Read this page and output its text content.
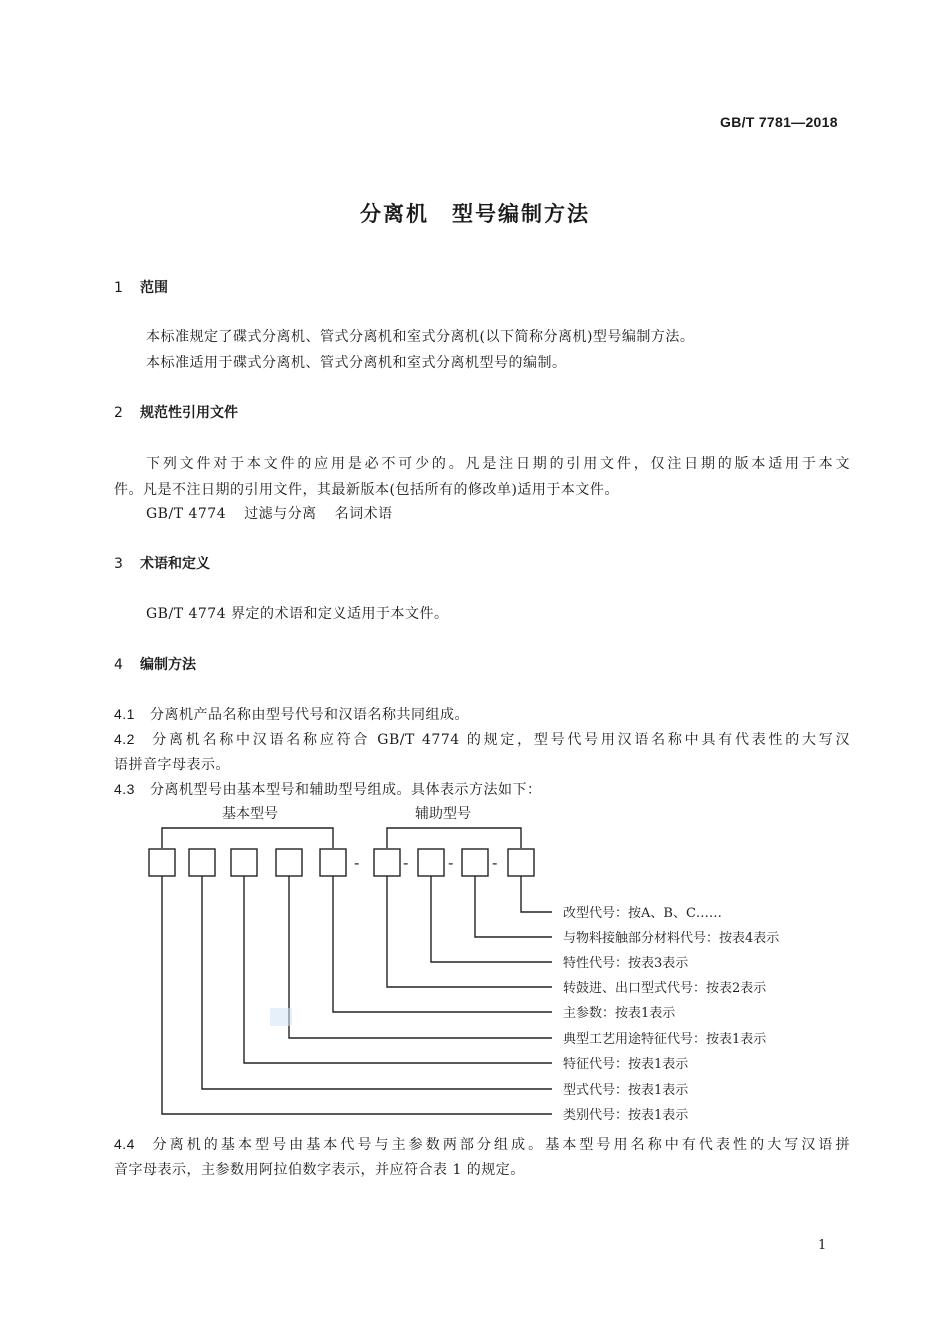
GB/T 7781—2018
分离机　型号编制方法
1 范围
本标准规定了碟式分离机、管式分离机和室式分离机(以下简称分离机)型号编制方法。
本标准适用于碟式分离机、管式分离机和室式分离机型号的编制。
2 规范性引用文件
下列文件对于本文件的应用是必不可少的。凡是注日期的引用文件，仅注日期的版本适用于本文
件。凡是不注日期的引用文件，其最新版本(包括所有的修改单)适用于本文件。
GB/T 4774 过滤与分离 名词术语
3 术语和定义
GB/T 4774 界定的术语和定义适用于本文件。
4 编制方法
4.1 分离机产品名称由型号代号和汉语名称共同组成。
4.2 分离机名称中汉语名称应符合 GB/T 4774 的规定，型号代号用汉语名称中具有代表性的大写汉
语拼音字母表示。
4.3 分离机型号由基本型号和辅助型号组成。具体表示方法如下：
基本型号	辅助型号
-	- - -
改型代号：按A、B、C……
与物料接触部分材料代号：按表4表示
特性代号：按表3表示
转鼓进、出口型式代号：按表2表示
主参数：按表1表示
典型工艺用途特征代号：按表1表示
特征代号：按表1表示
型式代号：按表1表示
类别代号：按表1表示
4.4 分离机的基本型号由基本代号与主参数两部分组成。基本型号用名称中有代表性的大写汉语拼
音字母表示，主参数用阿拉伯数字表示，并应符合表 1 的规定。
1
